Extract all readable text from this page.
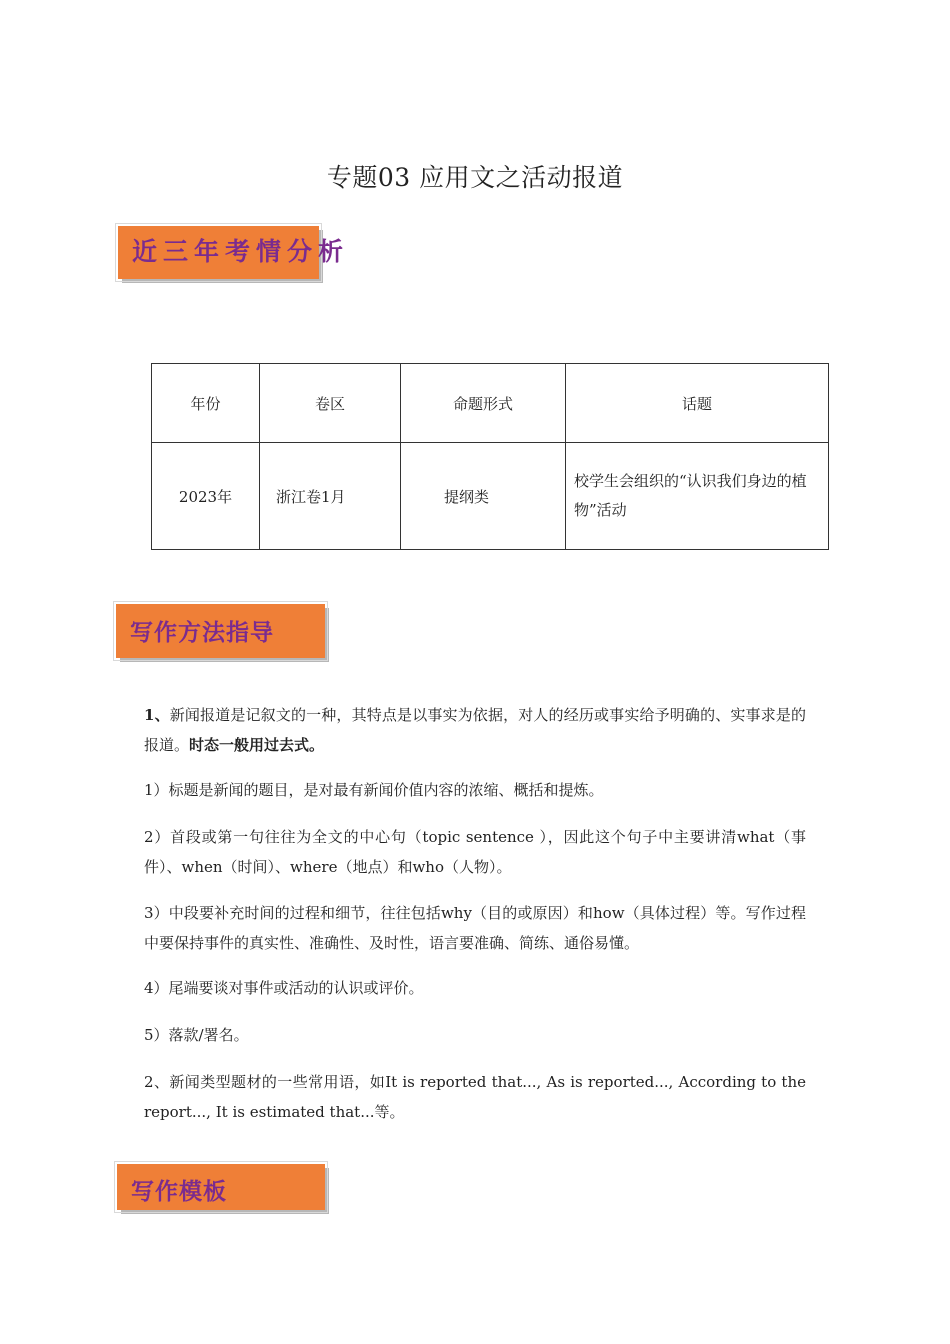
专题03 应用文之活动报道
近三年考情分析
年份	卷区	命题形式	话题
2023年	浙江卷1月	提纲类	校学生会组织的“认识我们身边的植物”活动
写作方法指导
1、新闻报道是记叙文的一种，其特点是以事实为依据，对人的经历或事实给予明确的、实事求是的报道。时态一般用过去式。
1）标题是新闻的题目，是对最有新闻价值内容的浓缩、概括和提炼。
2）首段或第一句往往为全文的中心句（topic sentence ），因此这个句子中主要讲清what（事件）、when（时间）、where（地点）和who（人物）。
3）中段要补充时间的过程和细节，往往包括why（目的或原因）和how（具体过程）等。写作过程中要保持事件的真实性、准确性、及时性，语言要准确、简练、通俗易懂。
4）尾端要谈对事件或活动的认识或评价。
5）落款/署名。
2、新闻类型题材的一些常用语，如It is reported that..., As is reported..., According to the report..., It is estimated that...等。
写作模板
